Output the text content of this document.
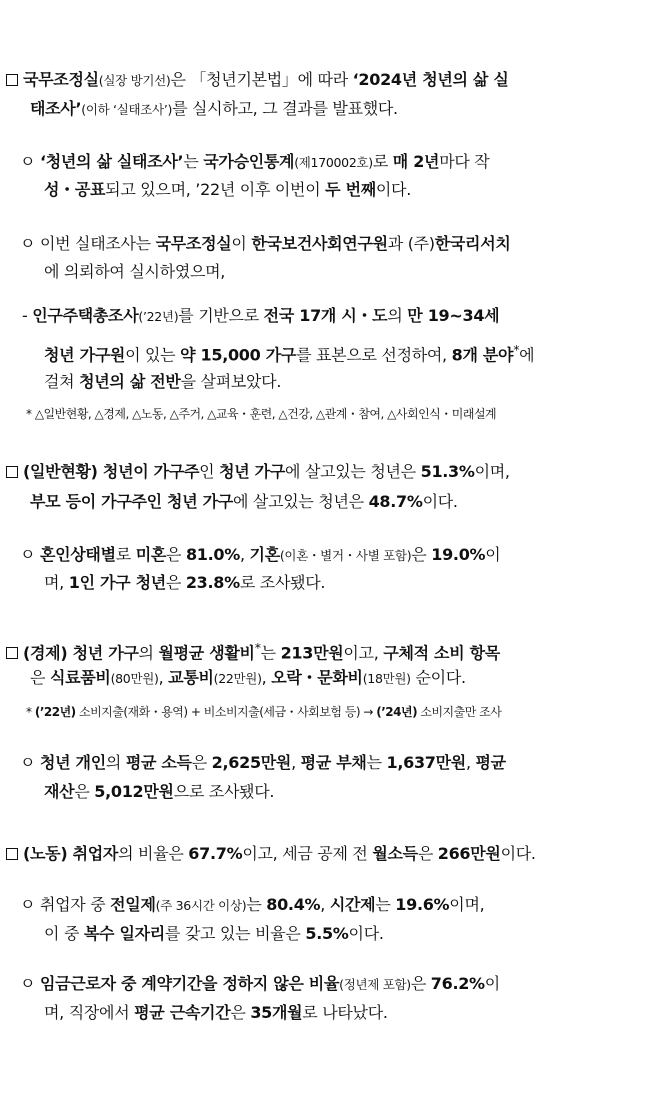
국무조정실(실장 방기선)은 「청년기본법」에 따라 ‘2024년 청년의 삶 실
태조사’(이하 ‘실태조사’)를 실시하고, 그 결과를 발표했다.
ㅇ ‘청년의 삶 실태조사’는 국가승인통계(제170002호)로 매 2년마다 작
성・공표되고 있으며, ’22년 이후 이번이 두 번째이다.
ㅇ 이번 실태조사는 국무조정실이 한국보건사회연구원과 (주)한국리서치
에 의뢰하여 실시하였으며,
- 인구주택총조사(’22년)를 기반으로 전국 17개 시・도의 만 19~34세
청년 가구원이 있는 약 15,000 가구를 표본으로 선정하여, 8개 분야*에
걸쳐 청년의 삶 전반을 살펴보았다.
* △일반현황, △경제, △노동, △주거, △교육・훈련, △건강, △관계・참여, △사회인식・미래설계
(일반현황) 청년이 가구주인 청년 가구에 살고있는 청년은 51.3%이며,
부모 등이 가구주인 청년 가구에 살고있는 청년은 48.7%이다.
ㅇ 혼인상태별로 미혼은 81.0%, 기혼(이혼・별거・사별 포함)은 19.0%이
며, 1인 가구 청년은 23.8%로 조사됐다.
(경제) 청년 가구의 월평균 생활비*는 213만원이고, 구체적 소비 항목
은 식료품비(80만원), 교통비(22만원), 오락・문화비(18만원) 순이다.
* (’22년) 소비지출(재화・용역) + 비소비지출(세금・사회보험 등) → (’24년) 소비지출만 조사
ㅇ 청년 개인의 평균 소득은 2,625만원, 평균 부채는 1,637만원, 평균
재산은 5,012만원으로 조사됐다.
(노동) 취업자의 비율은 67.7%이고, 세금 공제 전 월소득은 266만원이다.
ㅇ 취업자 중 전일제(주 36시간 이상)는 80.4%, 시간제는 19.6%이며,
이 중 복수 일자리를 갖고 있는 비율은 5.5%이다.
ㅇ 임금근로자 중 계약기간을 정하지 않은 비율(정년제 포함)은 76.2%이
며, 직장에서 평균 근속기간은 35개월로 나타났다.
